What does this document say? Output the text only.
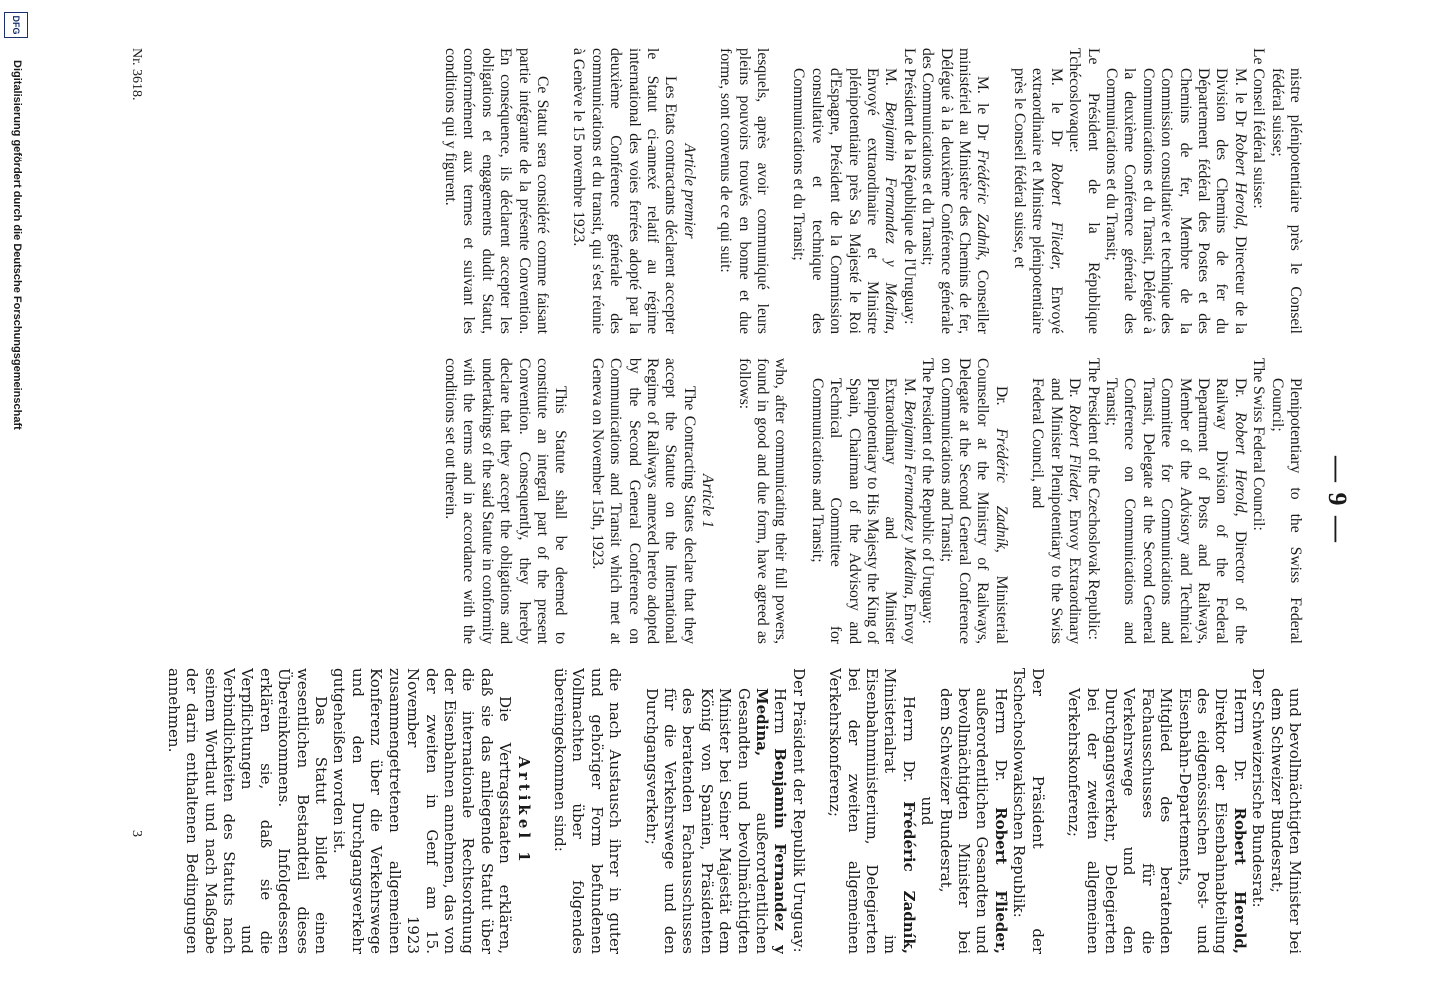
— 9 —

nistre plénipotentiaire près le Conseil fédéral suisse;

Le Conseil fédéral suisse:

M. le Dr Robert Herold, Directeur de la Division des Chemins de fer du Département fédéral des Postes et des Chemins de fer, Membre de la Commission consultative et technique des Communications et du Transit, Délégué à la deuxième Conférence générale des Communications et du Transit;

Le Président de la République Tchécoslovaque:

M. le Dr Robert Flieder, Envoyé extraordinaire et Ministre plénipotentiaire près le Conseil fédéral suisse, et

M. le Dr Frédéric Zadník, Conseiller ministériel au Ministère des Chemins de fer, Délégué à la deuxième Conférence générale des Communications et du Transit;

Le Président de la République de l'Uruguay:

M. Benjamin Fernandez y Medina, Envoyé extraordinaire et Ministre plénipotentiaire près Sa Majesté le Roi d'Espagne, Président de la Commission consultative et technique des Communications et du Transit;

lesquels, après avoir communiqué leurs pleins pouvoirs trouvés en bonne et due forme, sont convenus de ce qui suit:

Article premier

Les Etats contractants déclarent accepter le Statut ci-annexé relatif au régime international des voies ferrées adopté par la deuxième Conférence générale des communications et du transit, qui s'est réunie à Genève le 15 novembre 1923.

Ce Statut sera considéré comme faisant partie intégrante de la présente Convention. En conséquence, ils déclarent accepter les obligations et engagements dudit Statut, conformément aux termes et suivant les conditions qui y figurent.

Plenipotentiary to the Swiss Federal Council;

The Swiss Federal Council:

Dr. Robert Herold, Director of the Railway Division of the Federal Department of Posts and Railways, Member of the Advisory and Technical Committee for Communications and Transit, Delegate at the Second General Conference on Communications and Transit;

The President of the Czechoslovak Republic:

Dr. Robert Flieder, Envoy Extraordinary and Minister Plenipotentiary to the Swiss Federal Council, and

Dr. Frédéric Zadník, Ministerial Counsellor at the Ministry of Railways, Delegate at the Second General Conference on Communications and Transit;

The President of the Republic of Uruguay:

M. Benjamin Fernandez y Medina, Envoy Extraordinary and Minister Plenipotentiary to His Majesty the King of Spain, Chairman of the Advisory and Technical Committee for Communications and Transit;

who, after communicating their full powers, found in good and due form, have agreed as follows:

Article 1

The Contracting States declare that they accept the Statute on the International Regime of Railways annexed hereto adopted by the Second General Conference on Communications and Transit which met at Geneva on November 15th, 1923.

This Statute shall be deemed to constitute an integral part of the present Convention. Consequently, they hereby declare that they accept the obligations and undertakings of the said Statute in conformity with the terms and in accordance with the conditions set out therein.

und bevollmächtigten Minister bei dem Schweizer Bundesrat;

Der Schweizerische Bundesrat:

Herrn Dr. Robert Herold, Direktor der Eisenbahnabteilung des eidgenössischen Post- und Eisenbahn-Departements, Mitglied des beratenden Fachausschusses für die Verkehrswege und den Durchgangsverkehr, Delegierten bei der zweiten allgemeinen Verkehrskonferenz;

Der Präsident der Tschechoslowakischen Republik:

Herrn Dr. Robert Flieder, außerordentlichen Gesandten und bevollmächtigten Minister bei dem Schweizer Bundesrat,

und

Herrn Dr. Frédéric Zadník, Ministerialrat im Eisenbahnministerium, Delegierten bei der zweiten allgemeinen Verkehrskonferenz;

Der Präsident der Republik Uruguay:

Herrn Benjamin Fernandez y Medina, außerordentlichen Gesandten und bevollmächtigten Minister bei Seiner Majestät dem König von Spanien, Präsidenten des beratenden Fachausschusses für die Verkehrswege und den Durchgangsverkehr;

die nach Austausch ihrer in guter und gehöriger Form befundenen Vollmachten über folgendes übereingekommen sind:

Artikel 1

Die Vertragsstaaten erklären, daß sie das anliegende Statut über die internationale Rechtsordnung der Eisenbahnen annehmen, das von der zweiten in Genf am 15. November 1923 zusammengetretenen allgemeinen Konferenz über die Verkehrswege und den Durchgangsverkehr gutgeheißen worden ist.

Das Statut bildet einen wesentlichen Bestandteil dieses Übereinkommens. Infolgedessen erklären sie, daß sie die Verpflichtungen und Verbindlichkeiten des Statuts nach seinem Wortlaut und nach Maßgabe der darin enthaltenen Bedingungen annehmen.

Nr. 3618.
3
DFG
Digitalisierung gefördert durch die Deutsche Forschungsgemeinschaft
